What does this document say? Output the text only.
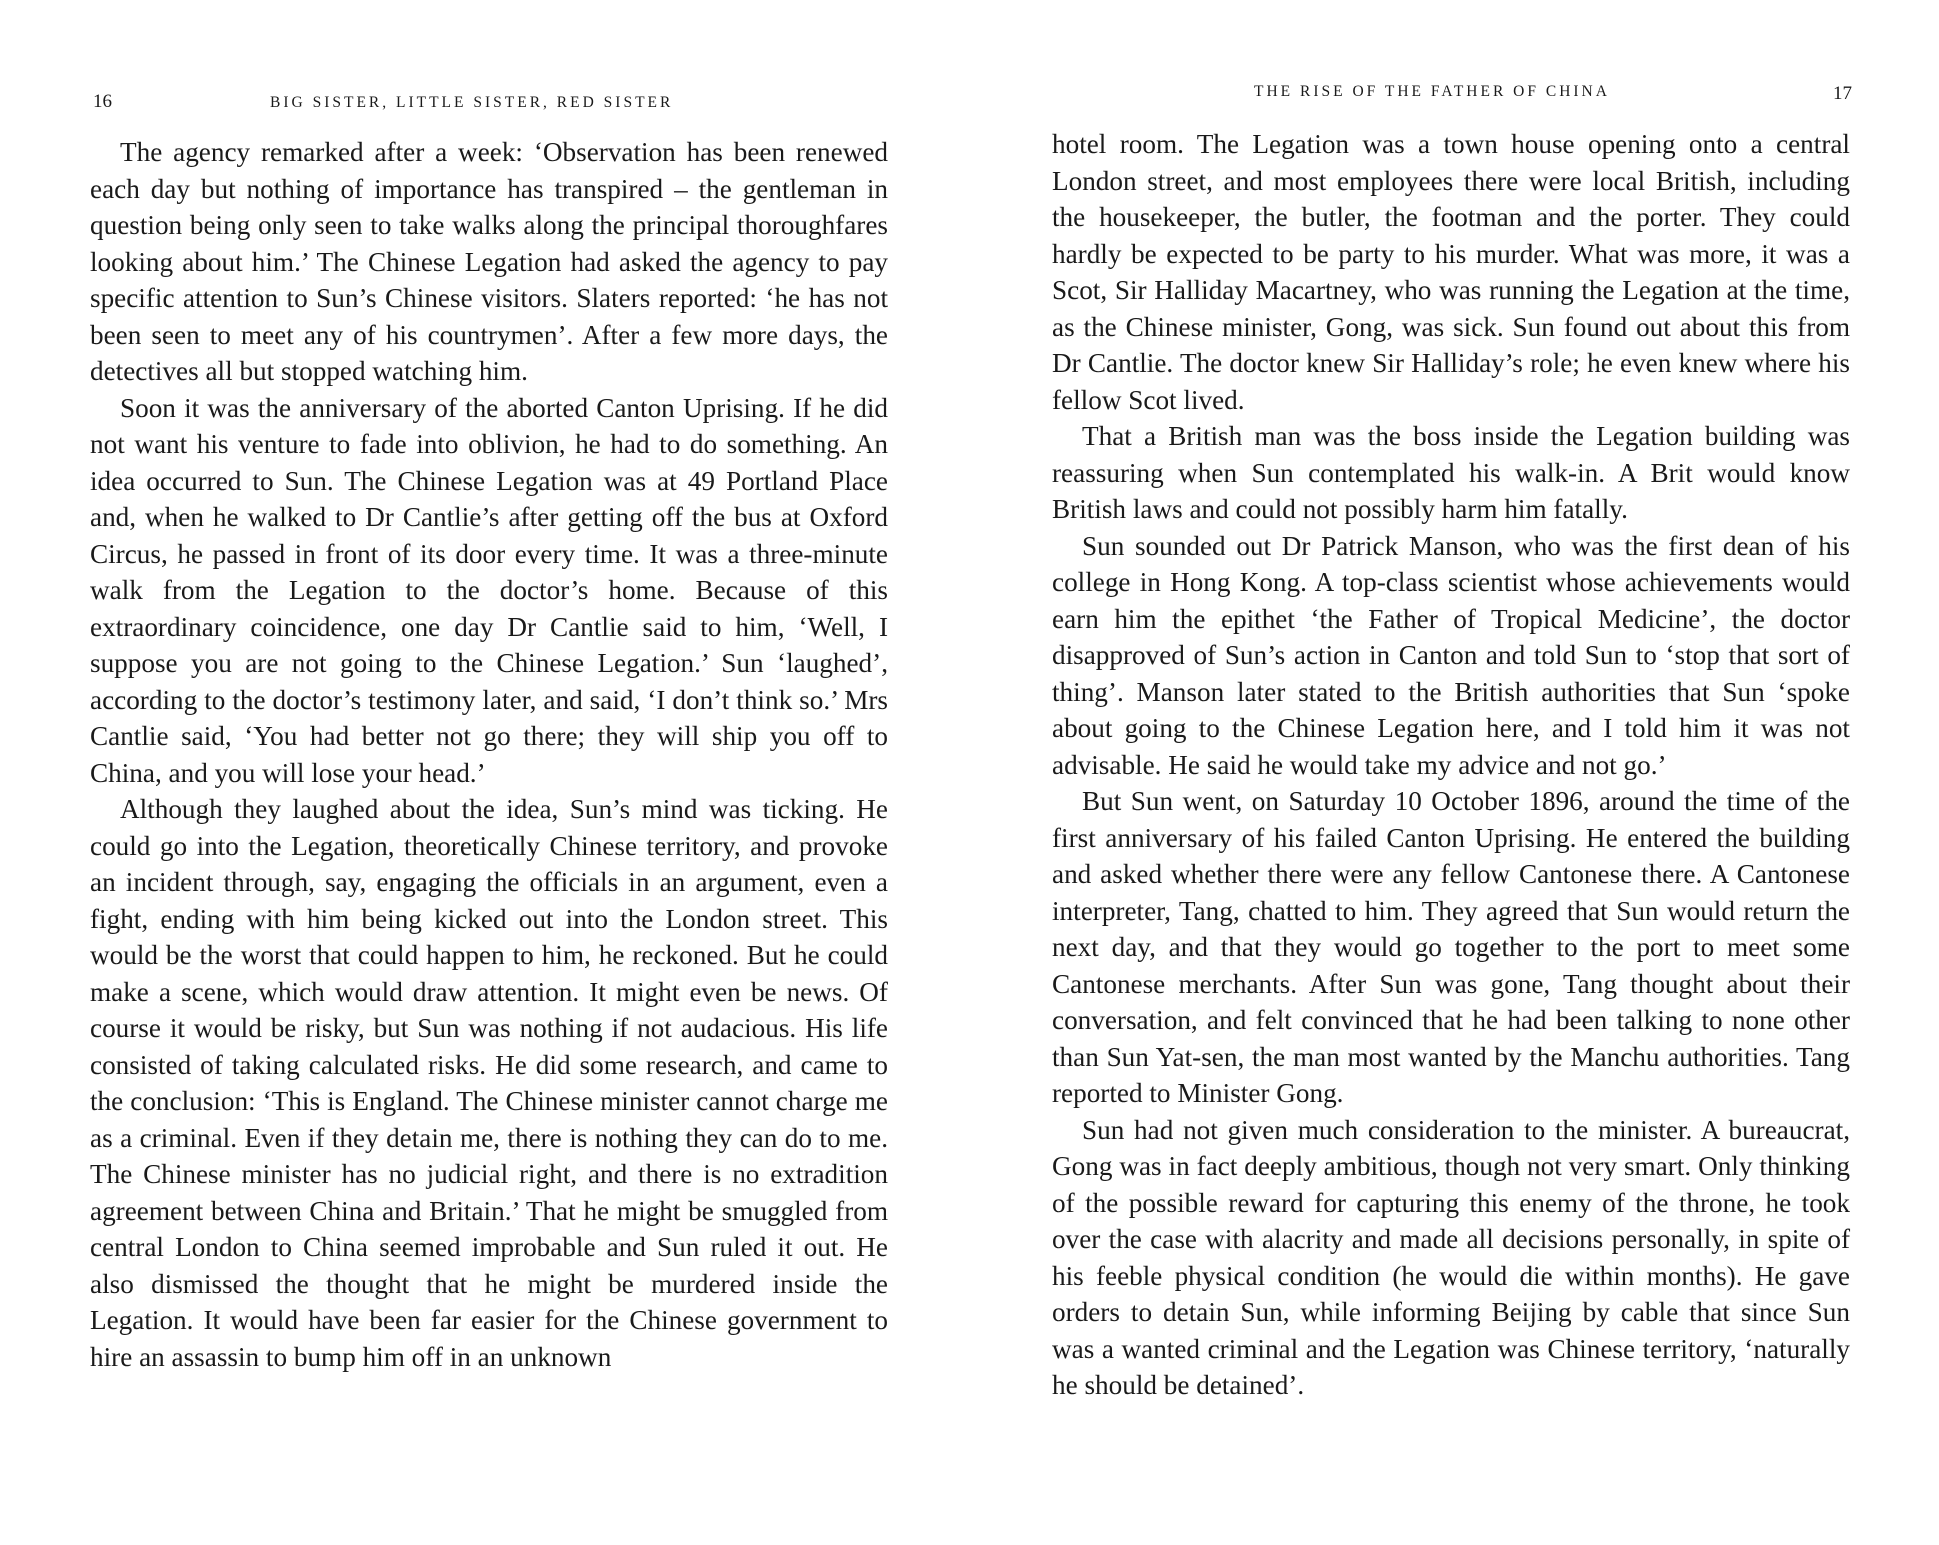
16	BIG SISTER, LITTLE SISTER, RED SISTER

The agency remarked after a week: ‘Observation has been renewed each day but nothing of importance has transpired – the gentleman in question being only seen to take walks along the principal thoroughfares looking about him.’ The Chinese Legation had asked the agency to pay specific attention to Sun’s Chinese visitors. Slaters reported: ‘he has not been seen to meet any of his countrymen’. After a few more days, the detectives all but stopped watching him.

Soon it was the anniversary of the aborted Canton Uprising. If he did not want his venture to fade into oblivion, he had to do something. An idea occurred to Sun. The Chinese Legation was at 49 Portland Place and, when he walked to Dr Cantlie’s after getting off the bus at Oxford Circus, he passed in front of its door every time. It was a three-minute walk from the Legation to the doctor’s home. Because of this extraordinary coincidence, one day Dr Cantlie said to him, ‘Well, I suppose you are not going to the Chinese Legation.’ Sun ‘laughed’, according to the doctor’s testimony later, and said, ‘I don’t think so.’ Mrs Cantlie said, ‘You had better not go there; they will ship you off to China, and you will lose your head.’

Although they laughed about the idea, Sun’s mind was ticking. He could go into the Legation, theoretically Chinese territory, and provoke an incident through, say, engaging the officials in an argument, even a fight, ending with him being kicked out into the London street. This would be the worst that could happen to him, he reckoned. But he could make a scene, which would draw attention. It might even be news. Of course it would be risky, but Sun was nothing if not audacious. His life consisted of taking calculated risks. He did some research, and came to the conclusion: ‘This is England. The Chinese minister cannot charge me as a criminal. Even if they detain me, there is nothing they can do to me. The Chinese minister has no judicial right, and there is no extradition agreement between China and Britain.’ That he might be smuggled from central London to China seemed improbable and Sun ruled it out. He also dismissed the thought that he might be murdered inside the Legation. It would have been far easier for the Chinese government to hire an assassin to bump him off in an unknown

THE RISE OF THE FATHER OF CHINA	17

hotel room. The Legation was a town house opening onto a central London street, and most employees there were local British, including the housekeeper, the butler, the footman and the porter. They could hardly be expected to be party to his murder. What was more, it was a Scot, Sir Halliday Macartney, who was running the Legation at the time, as the Chinese minister, Gong, was sick. Sun found out about this from Dr Cantlie. The doctor knew Sir Halliday’s role; he even knew where his fellow Scot lived.

That a British man was the boss inside the Legation building was reassuring when Sun contemplated his walk-in. A Brit would know British laws and could not possibly harm him fatally.

Sun sounded out Dr Patrick Manson, who was the first dean of his college in Hong Kong. A top-class scientist whose achievements would earn him the epithet ‘the Father of Tropical Medicine’, the doctor disapproved of Sun’s action in Canton and told Sun to ‘stop that sort of thing’. Manson later stated to the British authorities that Sun ‘spoke about going to the Chinese Legation here, and I told him it was not advisable. He said he would take my advice and not go.’

But Sun went, on Saturday 10 October 1896, around the time of the first anniversary of his failed Canton Uprising. He entered the building and asked whether there were any fellow Cantonese there. A Cantonese interpreter, Tang, chatted to him. They agreed that Sun would return the next day, and that they would go together to the port to meet some Cantonese merchants. After Sun was gone, Tang thought about their conversation, and felt convinced that he had been talking to none other than Sun Yat-sen, the man most wanted by the Manchu authorities. Tang reported to Minister Gong.

Sun had not given much consideration to the minister. A bureaucrat, Gong was in fact deeply ambitious, though not very smart. Only thinking of the possible reward for capturing this enemy of the throne, he took over the case with alacrity and made all decisions personally, in spite of his feeble physical condition (he would die within months). He gave orders to detain Sun, while informing Beijing by cable that since Sun was a wanted criminal and the Legation was Chinese territory, ‘naturally he should be detained’.
